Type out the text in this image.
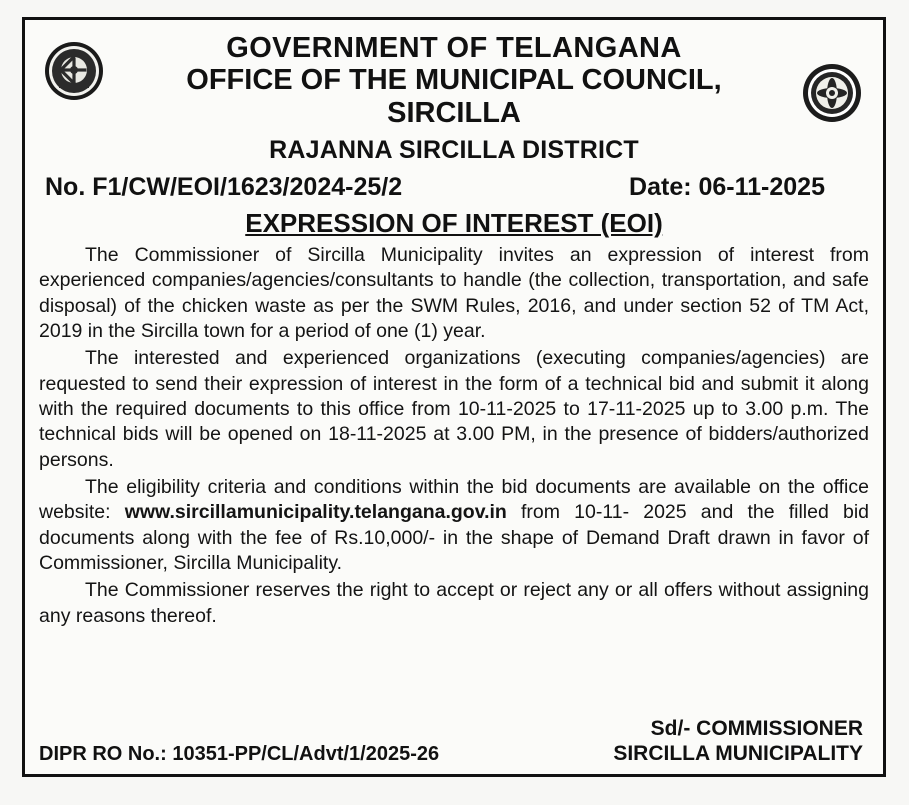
GOVERNMENT OF TELANGANA
OFFICE OF THE MUNICIPAL COUNCIL,
SIRCILLA
RAJANNA SIRCILLA DISTRICT
No. F1/CW/EOI/1623/2024-25/2	Date: 06-11-2025
EXPRESSION OF INTEREST (EOI)

The Commissioner of Sircilla Municipality invites an expression of interest from experienced companies/agencies/consultants to handle (the collection, transportation, and safe disposal) of the chicken waste as per the SWM Rules, 2016, and under section 52 of TM Act, 2019 in the Sircilla town for a period of one (1) year.

The interested and experienced organizations (executing companies/agencies) are requested to send their expression of interest in the form of a technical bid and submit it along with the required documents to this office from 10-11-2025 to 17-11-2025 up to 3.00 p.m. The technical bids will be opened on 18-11-2025 at 3.00 PM, in the presence of bidders/authorized persons.

The eligibility criteria and conditions within the bid documents are available on the office website: www.sircillamunicipality.telangana.gov.in from 10-11- 2025 and the filled bid documents along with the fee of Rs.10,000/- in the shape of Demand Draft drawn in favor of Commissioner, Sircilla Municipality.

The Commissioner reserves the right to accept or reject any or all offers without assigning any reasons thereof.

Sd/- COMMISSIONER
DIPR RO No.: 10351-PP/CL/Advt/1/2025-26	SIRCILLA MUNICIPALITY
